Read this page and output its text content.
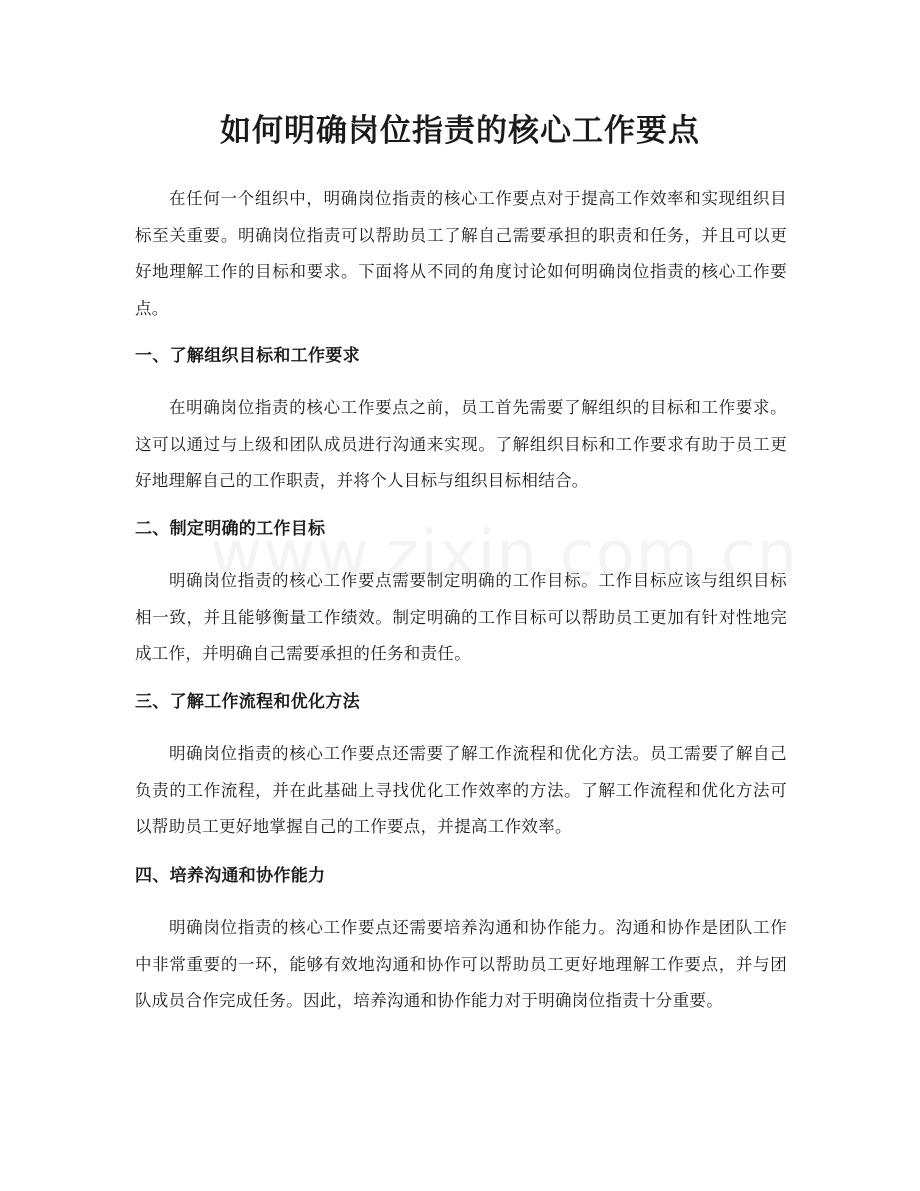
如何明确岗位指责的核心工作要点

在任何一个组织中，明确岗位指责的核心工作要点对于提高工作效率和实现组织目标至关重要。明确岗位指责可以帮助员工了解自己需要承担的职责和任务，并且可以更好地理解工作的目标和要求。下面将从不同的角度讨论如何明确岗位指责的核心工作要点。

一、了解组织目标和工作要求

在明确岗位指责的核心工作要点之前，员工首先需要了解组织的目标和工作要求。这可以通过与上级和团队成员进行沟通来实现。了解组织目标和工作要求有助于员工更好地理解自己的工作职责，并将个人目标与组织目标相结合。

二、制定明确的工作目标

明确岗位指责的核心工作要点需要制定明确的工作目标。工作目标应该与组织目标相一致，并且能够衡量工作绩效。制定明确的工作目标可以帮助员工更加有针对性地完成工作，并明确自己需要承担的任务和责任。

三、了解工作流程和优化方法

明确岗位指责的核心工作要点还需要了解工作流程和优化方法。员工需要了解自己负责的工作流程，并在此基础上寻找优化工作效率的方法。了解工作流程和优化方法可以帮助员工更好地掌握自己的工作要点，并提高工作效率。

四、培养沟通和协作能力

明确岗位指责的核心工作要点还需要培养沟通和协作能力。沟通和协作是团队工作中非常重要的一环，能够有效地沟通和协作可以帮助员工更好地理解工作要点，并与团队成员合作完成任务。因此，培养沟通和协作能力对于明确岗位指责十分重要。
